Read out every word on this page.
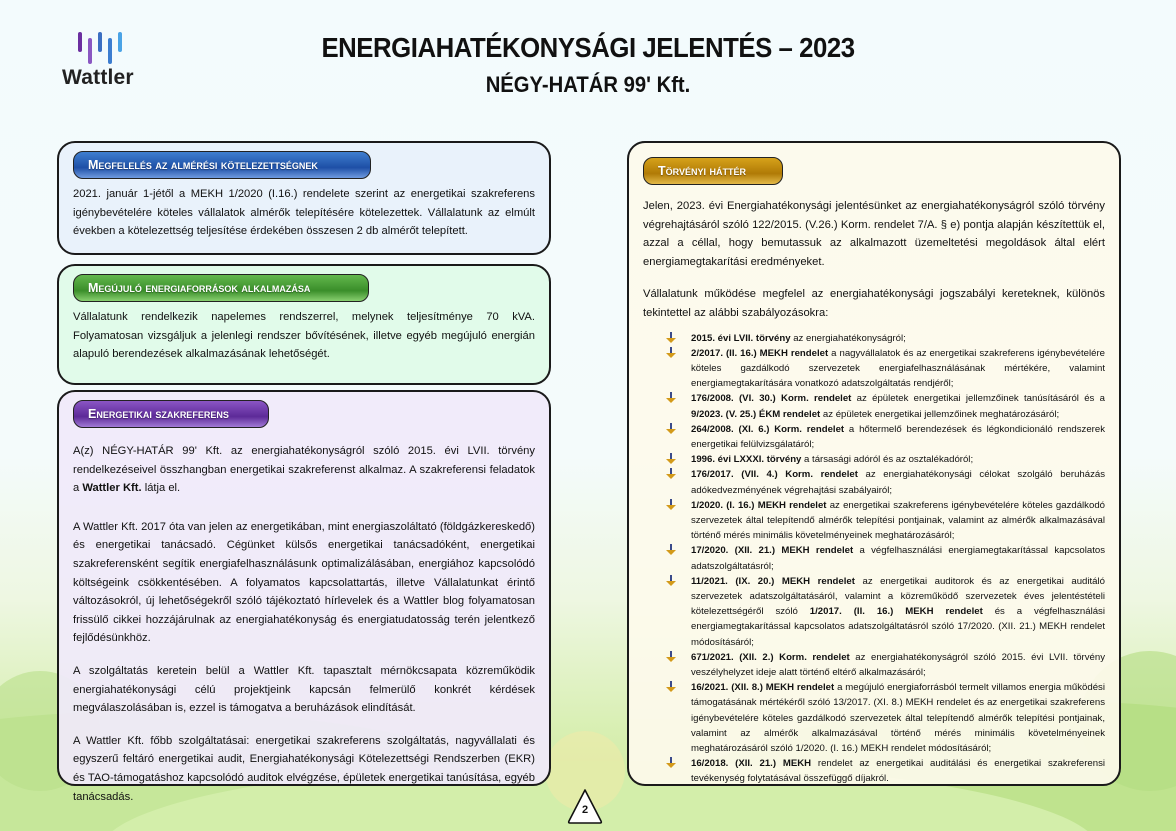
Wattler
ENERGIAHATÉKONYSÁGI JELENTÉS – 2023
NÉGY-HATÁR 99' Kft.
Megfelelés az almérési kötelezettségnek

2021. január 1-jétől a MEKH 1/2020 (I.16.) rendelete szerint az energetikai szakreferens igénybevételére köteles vállalatok almérők telepítésére kötelezettek. Vállalatunk az elmúlt években a kötelezettség teljesítése érdekében összesen 2 db almérőt telepített.

Megújuló energiaforrások alkalmazása

Vállalatunk rendelkezik napelemes rendszerrel, melynek teljesítménye 70 kVA. Folyamatosan vizsgáljuk a jelenlegi rendszer bővítésének, illetve egyéb megújuló energián alapuló berendezések alkalmazásának lehetőségét.

Energetikai szakreferens

A(z) NÉGY-HATÁR 99' Kft. az energiahatékonyságról szóló 2015. évi LVII. törvény rendelkezéseivel összhangban energetikai szakreferenst alkalmaz. A szakreferensi feladatok a Wattler Kft. látja el.

A Wattler Kft. 2017 óta van jelen az energetikában, mint energiaszoláltató (földgázkereskedő) és energetikai tanácsadó. Cégünket külsős energetikai tanácsadóként, energetikai szakreferensként segítik energiafelhasználásunk optimalizálásában, energiához kapcsolódó költségeink csökkentésében. A folyamatos kapcsolattartás, illetve Vállalatunkat érintő változásokról, új lehetőségekről szóló tájékoztató hírlevelek és a Wattler blog folyamatosan frissülő cikkei hozzájárulnak az energiahatékonyság és energiatudatosság terén jelentkező fejlődésünkhöz.

A szolgáltatás keretein belül a Wattler Kft. tapasztalt mérnökcsapata közreműködik energiahatékonysági célú projektjeink kapcsán felmerülő konkrét kérdések megválaszolásában is, ezzel is támogatva a beruházások elindítását.

A Wattler Kft. főbb szolgáltatásai: energetikai szakreferens szolgáltatás, nagyvállalati és egyszerű feltáró energetikai audit, Energiahatékonysági Kötelezettségi Rendszerben (EKR) és TAO-támogatáshoz kapcsolódó auditok elvégzése, épületek energetikai tanúsítása, egyéb tanácsadás.

Törvényi háttér

Jelen, 2023. évi Energiahatékonysági jelentésünket az energiahatékonyságról szóló törvény végrehajtásáról szóló 122/2015. (V.26.) Korm. rendelet 7/A. § e) pontja alapján készítettük el, azzal a céllal, hogy bemutassuk az alkalmazott üzemeltetési megoldások által elért energiamegtakarítási eredményeket.

Vállalatunk működése megfelel az energiahatékonysági jogszabályi kereteknek, különös tekintettel az alábbi szabályozásokra:

2015. évi LVII. törvény az energiahatékonyságról;
2/2017. (II. 16.) MEKH rendelet a nagyvállalatok és az energetikai szakreferens igénybevételére köteles gazdálkodó szervezetek energiafelhasználásának mértékére, valamint energiamegtakarítására vonatkozó adatszolgáltatás rendjéről;
176/2008. (VI. 30.) Korm. rendelet az épületek energetikai jellemzőinek tanúsításáról és a 9/2023. (V. 25.) ÉKM rendelet az épületek energetikai jellemzőinek meghatározásáról;
264/2008. (XI. 6.) Korm. rendelet a hőtermelő berendezések és légkondicionáló rendszerek energetikai felülvizsgálatáról;
1996. évi LXXXI. törvény a társasági adóról és az osztalékadóról;
176/2017. (VII. 4.) Korm. rendelet az energiahatékonysági célokat szolgáló beruházás adókedvezményének végrehajtási szabályairól;
1/2020. (I. 16.) MEKH rendelet az energetikai szakreferens igénybevételére köteles gazdálkodó szervezetek által telepítendő almérők telepítési pontjainak, valamint az almérők alkalmazásával történő mérés minimális követelményeinek meghatározásáról;
17/2020. (XII. 21.) MEKH rendelet a végfelhasználási energiamegtakarítással kapcsolatos adatszolgáltatásról;
11/2021. (IX. 20.) MEKH rendelet az energetikai auditorok és az energetikai auditáló szervezetek adatszolgáltatásáról, valamint a közreműködő szervezetek éves jelentéstételi kötelezettségéről szóló 1/2017. (II. 16.) MEKH rendelet és a végfelhasználási energiamegtakarítással kapcsolatos adatszolgáltatásról szóló 17/2020. (XII. 21.) MEKH rendelet módosításáról;
671/2021. (XII. 2.) Korm. rendelet az energiahatékonyságról szóló 2015. évi LVII. törvény veszélyhelyzet ideje alatt történő eltérő alkalmazásáról;
16/2021. (XII. 8.) MEKH rendelet a megújuló energiaforrásból termelt villamos energia működési támogatásának mértékéről szóló 13/2017. (XI. 8.) MEKH rendelet és az energetikai szakreferens igénybevételére köteles gazdálkodó szervezetek által telepítendő almérők telepítési pontjainak, valamint az almérők alkalmazásával történő mérés minimális követelményeinek meghatározásáról szóló 1/2020. (I. 16.) MEKH rendelet módosításáról;
16/2018. (XII. 21.) MEKH rendelet az energetikai auditálási és energetikai szakreferensi tevékenység folytatásával összefüggő díjakról.
2
